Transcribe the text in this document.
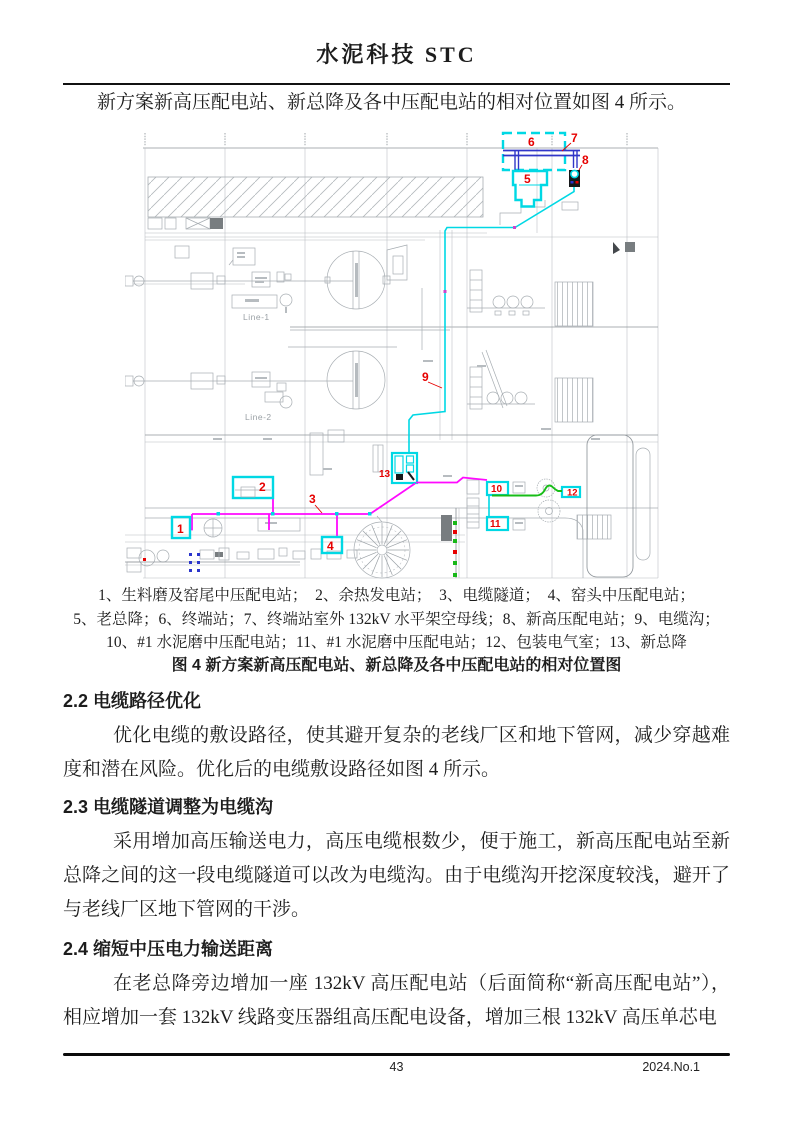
水泥科技 STC

新方案新高压配电站、新总降及各中压配电站的相对位置如图 4 所示。

Line-1
Line-2
1
2
3
4
5
6	7
8
9
10
11
12
13
1、生料磨及窑尾中压配电站；　2、余热发电站；　3、电缆隧道；　4、窑头中压配电站；
5、老总降；6、终端站；7、终端站室外 132kV 水平架空母线；8、新高压配电站；9、电缆沟；
10、#1 水泥磨中压配电站；11、#1 水泥磨中压配电站；12、包装电气室；13、新总降
图 4 新方案新高压配电站、新总降及各中压配电站的相对位置图
2.2 电缆路径优化

优化电缆的敷设路径，使其避开复杂的老线厂区和地下管网，减少穿越难度和潜在风险。优化后的电缆敷设路径如图 4 所示。

2.3 电缆隧道调整为电缆沟

采用增加高压输送电力，高压电缆根数少，便于施工，新高压配电站至新总降之间的这一段电缆隧道可以改为电缆沟。由于电缆沟开挖深度较浅，避开了与老线厂区地下管网的干涉。

2.4 缩短中压电力输送距离

在老总降旁边增加一座 132kV 高压配电站（后面简称“新高压配电站”），相应增加一套 132kV 线路变压器组高压配电设备，增加三根 132kV 高压单芯电

43	2024.No.1
